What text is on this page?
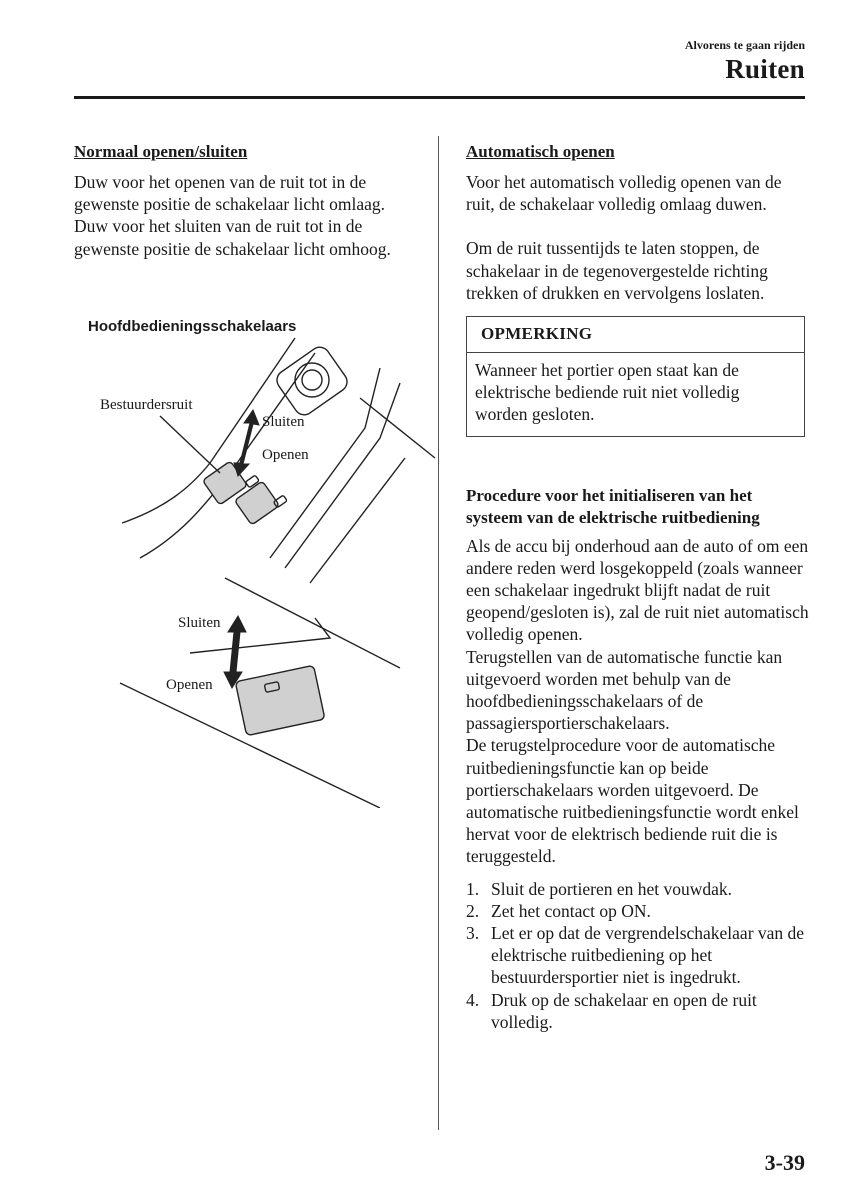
Alvorens te gaan rijden
Ruiten
Normaal openen/sluiten

Duw voor het openen van de ruit tot in de gewenste positie de schakelaar licht omlaag.

Duw voor het sluiten van de ruit tot in de gewenste positie de schakelaar licht omhoog.

Hoofdbedieningsschakelaars
Bestuurdersruit
Sluiten
Openen
Sluiten
Openen
Automatisch openen

Voor het automatisch volledig openen van de ruit, de schakelaar volledig omlaag duwen.

Om de ruit tussentijds te laten stoppen, de schakelaar in de tegenovergestelde richting trekken of drukken en vervolgens loslaten.

OPMERKING
Wanneer het portier open staat kan de elektrische bediende ruit niet volledig worden gesloten.
Procedure voor het initialiseren van het systeem van de elektrische ruitbediening

Als de accu bij onderhoud aan de auto of om een andere reden werd losgekoppeld (zoals wanneer een schakelaar ingedrukt blijft nadat de ruit geopend/gesloten is), zal de ruit niet automatisch volledig openen.

Terugstellen van de automatische functie kan uitgevoerd worden met behulp van de hoofdbedieningsschakelaars of de passagiersportierschakelaars.

De terugstelprocedure voor de automatische ruitbedieningsfunctie kan op beide portierschakelaars worden uitgevoerd. De automatische ruitbedieningsfunctie wordt enkel hervat voor de elektrisch bediende ruit die is teruggesteld.

1. Sluit de portieren en het vouwdak.
2. Zet het contact op ON.
3. Let er op dat de vergrendelschakelaar van de elektrische ruitbediening op het bestuurdersportier niet is ingedrukt.
4. Druk op de schakelaar en open de ruit volledig.
3-39
